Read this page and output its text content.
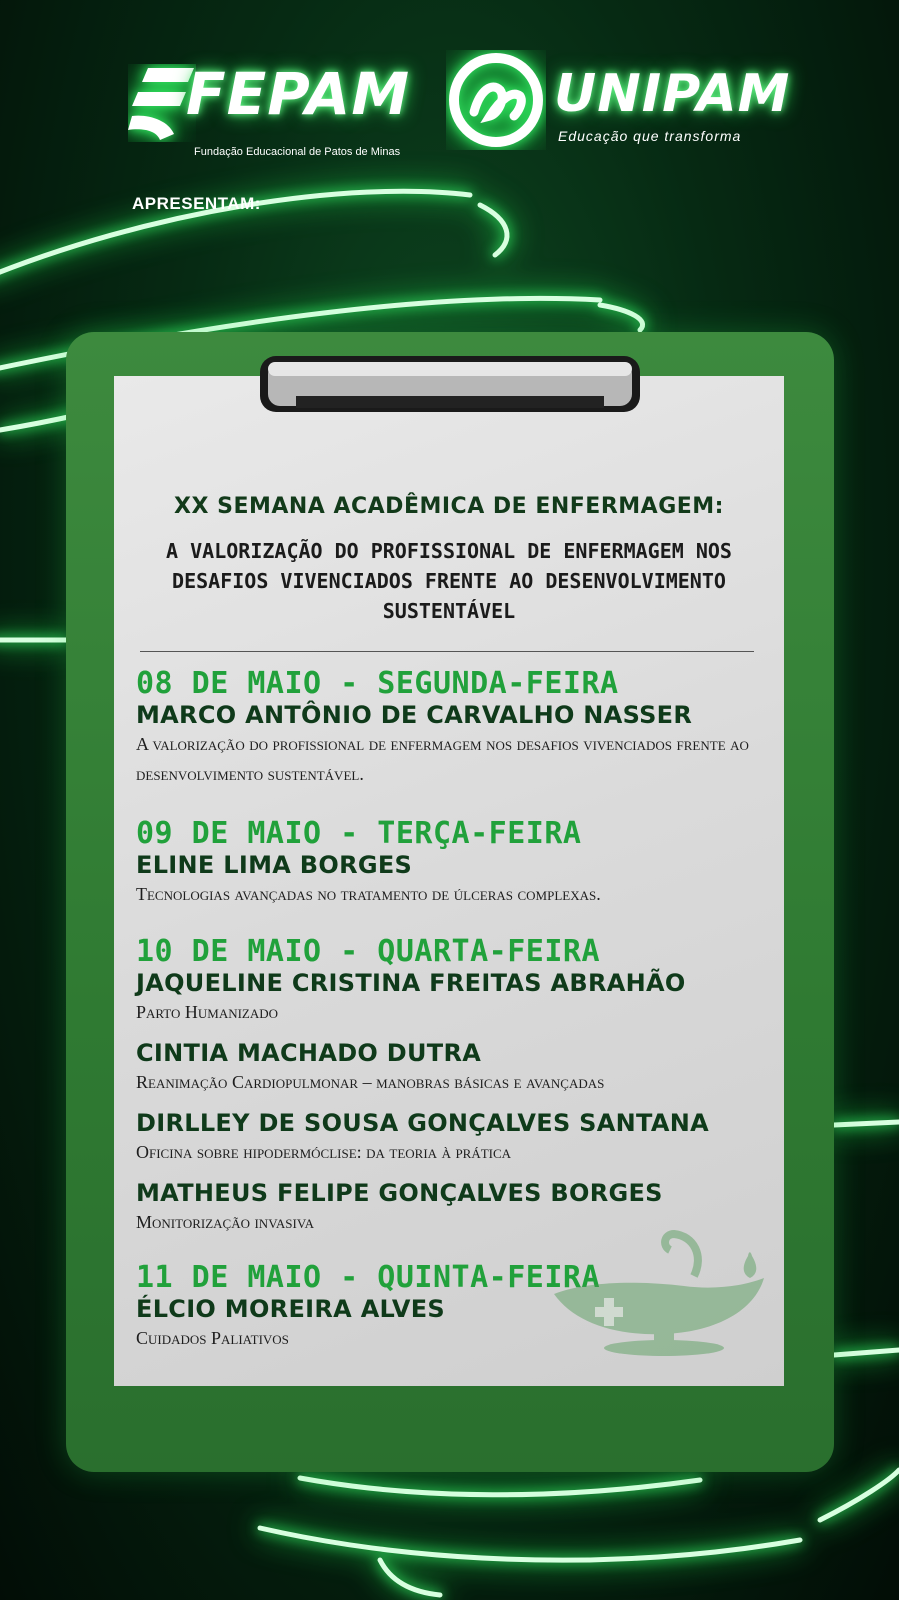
FEPAM
Fundação Educacional de Patos de Minas
UNIPAM
Educação que transforma
APRESENTAM:
XX SEMANA ACADÊMICA DE ENFERMAGEM:
A VALORIZAÇÃO DO PROFISSIONAL DE ENFERMAGEM NOS DESAFIOS VIVENCIADOS FRENTE AO DESENVOLVIMENTO SUSTENTÁVEL
08 DE MAIO - SEGUNDA-FEIRA
MARCO ANTÔNIO DE CARVALHO NASSER
A valorização do profissional de enfermagem nos desafios vivenciados frente ao desenvolvimento sustentável.
09 DE MAIO - TERÇA-FEIRA
ELINE LIMA BORGES
Tecnologias avançadas no tratamento de úlceras complexas.
10 DE MAIO - QUARTA-FEIRA
JAQUELINE CRISTINA FREITAS ABRAHÃO
Parto Humanizado
CINTIA MACHADO DUTRA
Reanimação Cardiopulmonar – manobras básicas e avançadas
DIRLLEY DE SOUSA GONÇALVES SANTANA
Oficina sobre hipodermóclise: da teoria à prática
MATHEUS FELIPE GONÇALVES BORGES
Monitorização invasiva
11 DE MAIO - QUINTA-FEIRA
ÉLCIO MOREIRA ALVES
Cuidados Paliativos
